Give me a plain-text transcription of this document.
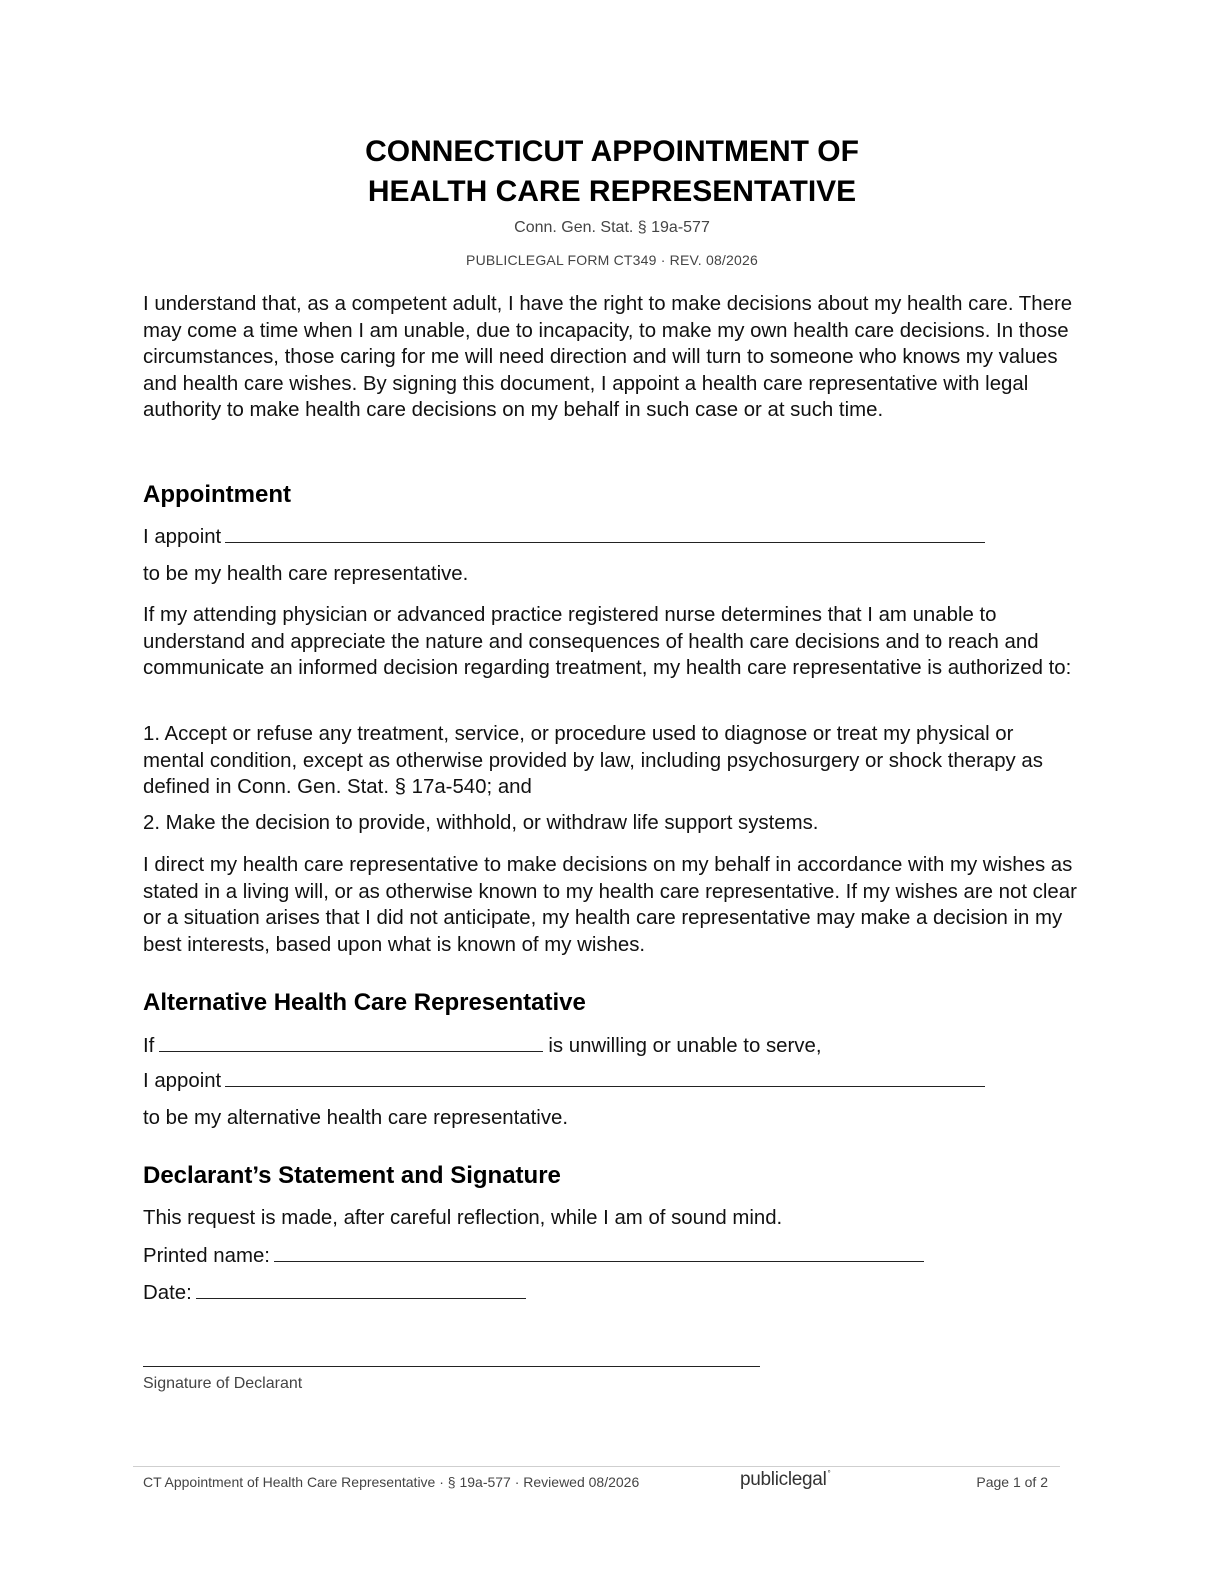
CONNECTICUT APPOINTMENT OF
HEALTH CARE REPRESENTATIVE
Conn. Gen. Stat. § 19a-577
PUBLICLEGAL FORM CT349 · REV. 08/2026

I understand that, as a competent adult, I have the right to make decisions about my health care. There may come a time when I am unable, due to incapacity, to make my own health care decisions. In those circumstances, those caring for me will need direction and will turn to someone who knows my values and health care wishes. By signing this document, I appoint a health care representative with legal authority to make health care decisions on my behalf in such case or at such time.

Appointment
I appoint
to be my health care representative.

If my attending physician or advanced practice registered nurse determines that I am unable to understand and appreciate the nature and consequences of health care decisions and to reach and communicate an informed decision regarding treatment, my health care representative is authorized to:

1. Accept or refuse any treatment, service, or procedure used to diagnose or treat my physical or mental condition, except as otherwise provided by law, including psychosurgery or shock therapy as defined in Conn. Gen. Stat. § 17a-540; and

2. Make the decision to provide, withhold, or withdraw life support systems.

I direct my health care representative to make decisions on my behalf in accordance with my wishes as stated in a living will, or as otherwise known to my health care representative. If my wishes are not clear or a situation arises that I did not anticipate, my health care representative may make a decision in my best interests, based upon what is known of my wishes.

Alternative Health Care Representative
If	is unwilling or unable to serve,
I appoint
to be my alternative health care representative.
Declarant’s Statement and Signature
This request is made, after careful reflection, while I am of sound mind.
Printed name:
Date:
Signature of Declarant
CT Appointment of Health Care Representative · § 19a-577 · Reviewed 08/2026	publiclegal°
Page 1 of 2
